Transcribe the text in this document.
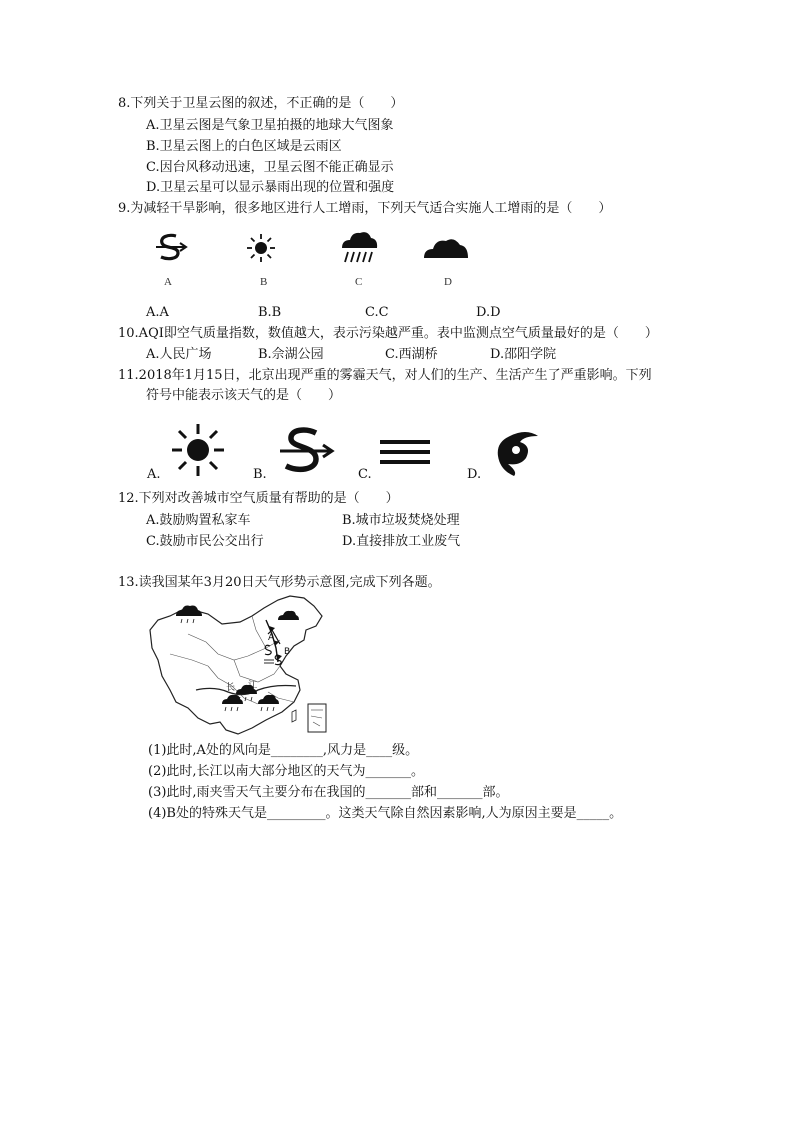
8.下列关于卫星云图的叙述，不正确的是（　　）
A.卫星云图是气象卫星拍摄的地球大气图象
B.卫星云图上的白色区域是云雨区
C.因台风移动迅速，卫星云图不能正确显示
D.卫星云星可以显示暴雨出现的位置和强度
9.为减轻干旱影响，很多地区进行人工增雨，下列天气适合实施人工增雨的是（　　）
A	B	C	D
A.A	B.B	C.C	D.D
10.AQI即空气质量指数，数值越大，表示污染越严重。表中监测点空气质量最好的是（　　）
A.人民广场	B.佘湖公园	C.西湖桥	D.邵阳学院
11.2018年1月15日，北京出现严重的雾霾天气，对人们的生产、生活产生了严重影响。下列
符号中能表示该天气的是（　　）
A.	B.	C.	D.
12.下列对改善城市空气质量有帮助的是（　　）
A.鼓励购置私家车	B.城市垃圾焚烧处理
C.鼓励市民公交出行	D.直接排放工业废气
13.读我国某年3月20日天气形势示意图,完成下列各题。
A
B
长 江
(1)此时,A处的风向是________,风力是____级。
(2)此时,长江以南大部分地区的天气为_______。
(3)此时,雨夹雪天气主要分布在我国的_______部和_______部。
(4)B处的特殊天气是_________。这类天气除自然因素影响,人为原因主要是_____。
